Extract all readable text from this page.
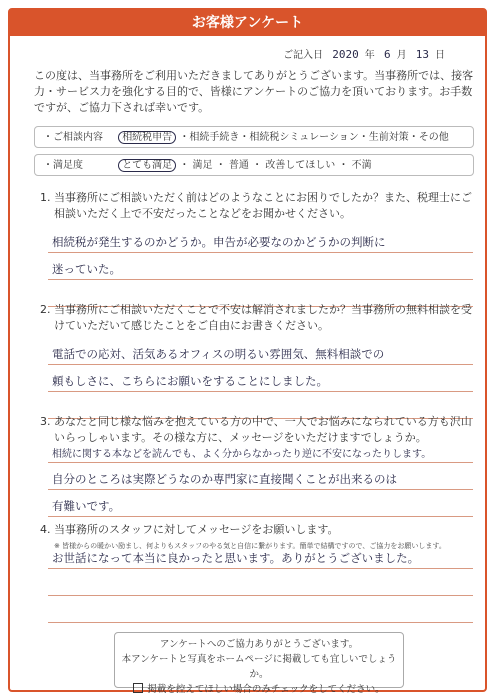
お客様アンケート
ご記入日 2020 年 6 月 13 日
この度は、当事務所をご利用いただきましてありがとうございます。当事務所では、接客力・サービス力を強化する目的で、皆様にアンケートのご協力を頂いております。お手数ですが、ご協力下されば幸いです。
・ご相談内容 相続税申告 ・相続手続き・相続税シミュレーション・生前対策・その他
・満足度	とても満足 ・ 満足 ・ 普通 ・ 改善してほしい ・ 不満
1. 当事務所にご相談いただく前はどのようなことにお困りでしたか？また、税理士にご相談いただく上で不安だったことなどをお聞かせください。
相続税が発生するのかどうか。申告が必要なのかどうかの判断に
迷っていた。
2. 当事務所にご相談いただくことで不安は解消されましたか？当事務所の無料相談を受けていただいて感じたことをご自由にお書きください。
電話での応対、活気あるオフィスの明るい雰囲気、無料相談での
頼もしさに、こちらにお願いをすることにしました。
3. あなたと同じ様な悩みを抱えている方の中で、一人でお悩みになられている方も沢山いらっしゃいます。その様な方に、メッセージをいただけますでしょうか。
相続に関する本などを読んでも、よく分からなかったり逆に不安になったりします。
自分のところは実際どうなのか専門家に直接聞くことが出来るのは
有難いです。
4. 当事務所のスタッフに対してメッセージをお願いします。
※ 皆様からの暖かい励まし、何よりもスタッフのやる気と自信に繋がります。簡単で結構ですので、ご協力をお願いします。
お世話になって本当に良かったと思います。ありがとうございました。
アンケートへのご協力ありがとうございます。
本アンケートと写真をホームページに掲載しても宜しいでしょうか。
掲載を控えてほしい場合のみチェックをしてください。
